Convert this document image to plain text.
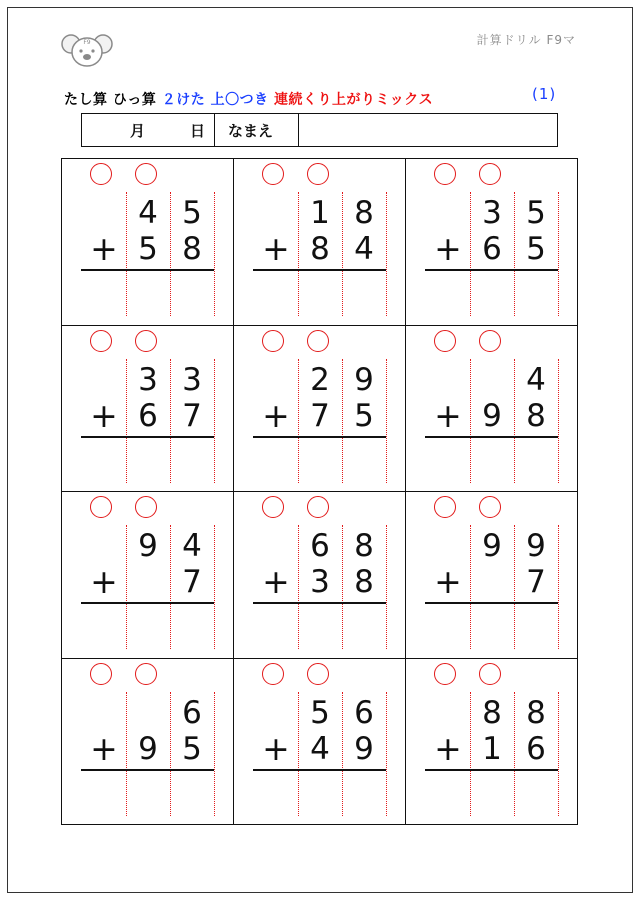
F9	計算ドリル F9マ
たし算 ひっ算 ２けた 上〇つき 連続くり上がりミックス	(1)
月	日 なまえ
4 5
+ 5 8
1 8
+ 8 4
3 5
+ 6 5
3 3
+ 6 7
2 9
+ 7 5
4
+ 9 8
9 4
+	7
6 8
+ 3 8
9 9
+	7
6
+ 9 5
5 6
+ 4 9
8 8
+ 1 6
